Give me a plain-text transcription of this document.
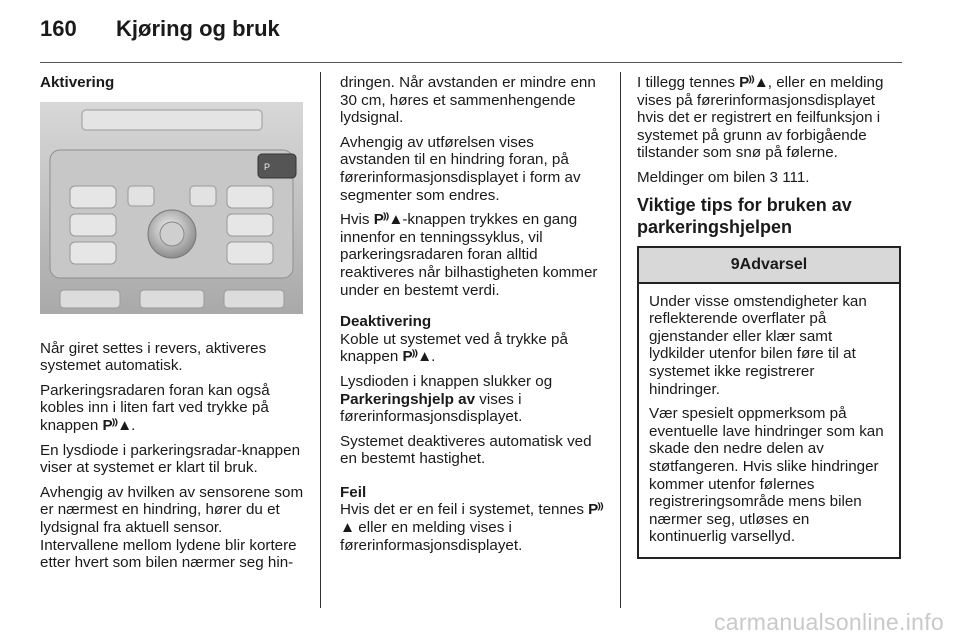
160 Kjøring og bruk

Aktivering

P

Når giret settes i revers, aktiveres systemet automatisk.

Parkeringsradaren foran kan også kobles inn i liten fart ved trykke på knappen P⁾⁾▲.

En lysdiode i parkeringsradar-knappen viser at systemet er klart til bruk.

Avhengig av hvilken av sensorene som er nærmest en hindring, hører du et lydsignal fra aktuell sensor. Intervallene mellom lydene blir kortere etter hvert som bilen nærmer seg hin-

dringen. Når avstanden er mindre enn 30 cm, høres et sammenhengende lydsignal.

Avhengig av utførelsen vises avstanden til en hindring foran, på førerinformasjonsdisplayet i form av segmenter som endres.

Hvis P⁾⁾▲-knappen trykkes en gang innenfor en tenningssyklus, vil parkeringsradaren foran alltid reaktiveres når bilhastigheten kommer under en bestemt verdi.

Deaktivering

Koble ut systemet ved å trykke på knappen P⁾⁾▲.

Lysdioden i knappen slukker og Parkeringshjelp av vises i førerinformasjonsdisplayet.

Systemet deaktiveres automatisk ved en bestemt hastighet.

Feil

Hvis det er en feil i systemet, tennes P⁾⁾▲ eller en melding vises i førerinformasjonsdisplayet.

I tillegg tennes P⁾⁾▲, eller en melding vises på førerinformasjonsdisplayet hvis det er registrert en feilfunksjon i systemet på grunn av forbigående tilstander som snø på følerne.

Meldinger om bilen 3 111.

Viktige tips for bruken av parkeringshjelpen

9Advarsel

Under visse omstendigheter kan reflekterende overflater på gjenstander eller klær samt lydkilder utenfor bilen føre til at systemet ikke registrerer hindringer.

Vær spesielt oppmerksom på eventuelle lave hindringer som kan skade den nedre delen av støtfangeren. Hvis slike hindringer kommer utenfor følernes registreringsområde mens bilen nærmer seg, utløses en kontinuerlig varsellyd.

carmanualsonline.info
